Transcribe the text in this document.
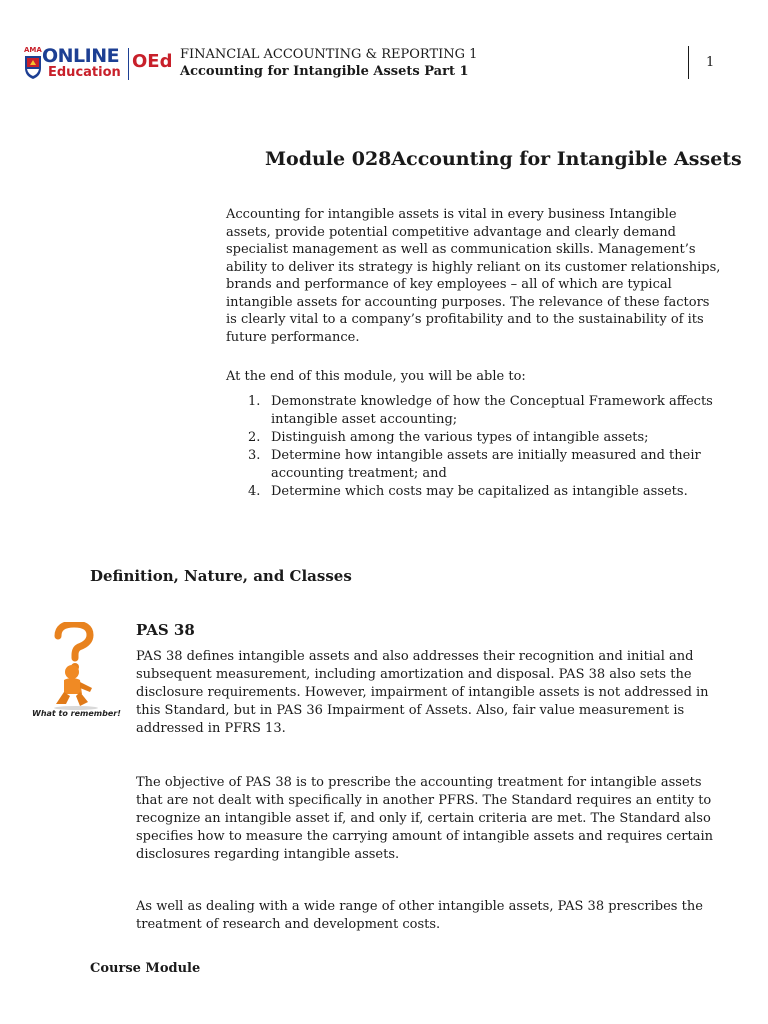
AMA ONLINE
Education
OEd FINANCIAL ACCOUNTING & REPORTING 1
Accounting for Intangible Assets Part 1
1
Module 028Accounting for Intangible Assets

Accounting for intangible assets is vital in every business Intangible assets, provide potential competitive advantage and clearly demand specialist management as well as communication skills. Management’s ability to deliver its strategy is highly reliant on its customer relationships, brands and performance of key employees – all of which are typical intangible assets for accounting purposes. The relevance of these factors is clearly vital to a company’s profitability and to the sustainability of its future performance.

At the end of this module, you will be able to:
1. Demonstrate knowledge of how the Conceptual Framework affects intangible asset accounting;
2. Distinguish among the various types of intangible assets;
3. Determine how intangible assets are initially measured and their accounting treatment; and
4. Determine which costs may be capitalized as intangible assets.
Definition, Nature, and Classes
What to remember!
PAS 38

PAS 38 defines intangible assets and also addresses their recognition and initial and subsequent measurement, including amortization and disposal. PAS 38 also sets the disclosure requirements. However, impairment of intangible assets is not addressed in this Standard, but in PAS 36 Impairment of Assets. Also, fair value measurement is addressed in PFRS 13.

The objective of PAS 38 is to prescribe the accounting treatment for intangible assets that are not dealt with specifically in another PFRS. The Standard requires an entity to recognize an intangible asset if, and only if, certain criteria are met. The Standard also specifies how to measure the carrying amount of intangible assets and requires certain disclosures regarding intangible assets.

As well as dealing with a wide range of other intangible assets, PAS 38 prescribes the treatment of research and development costs.

Course Module
